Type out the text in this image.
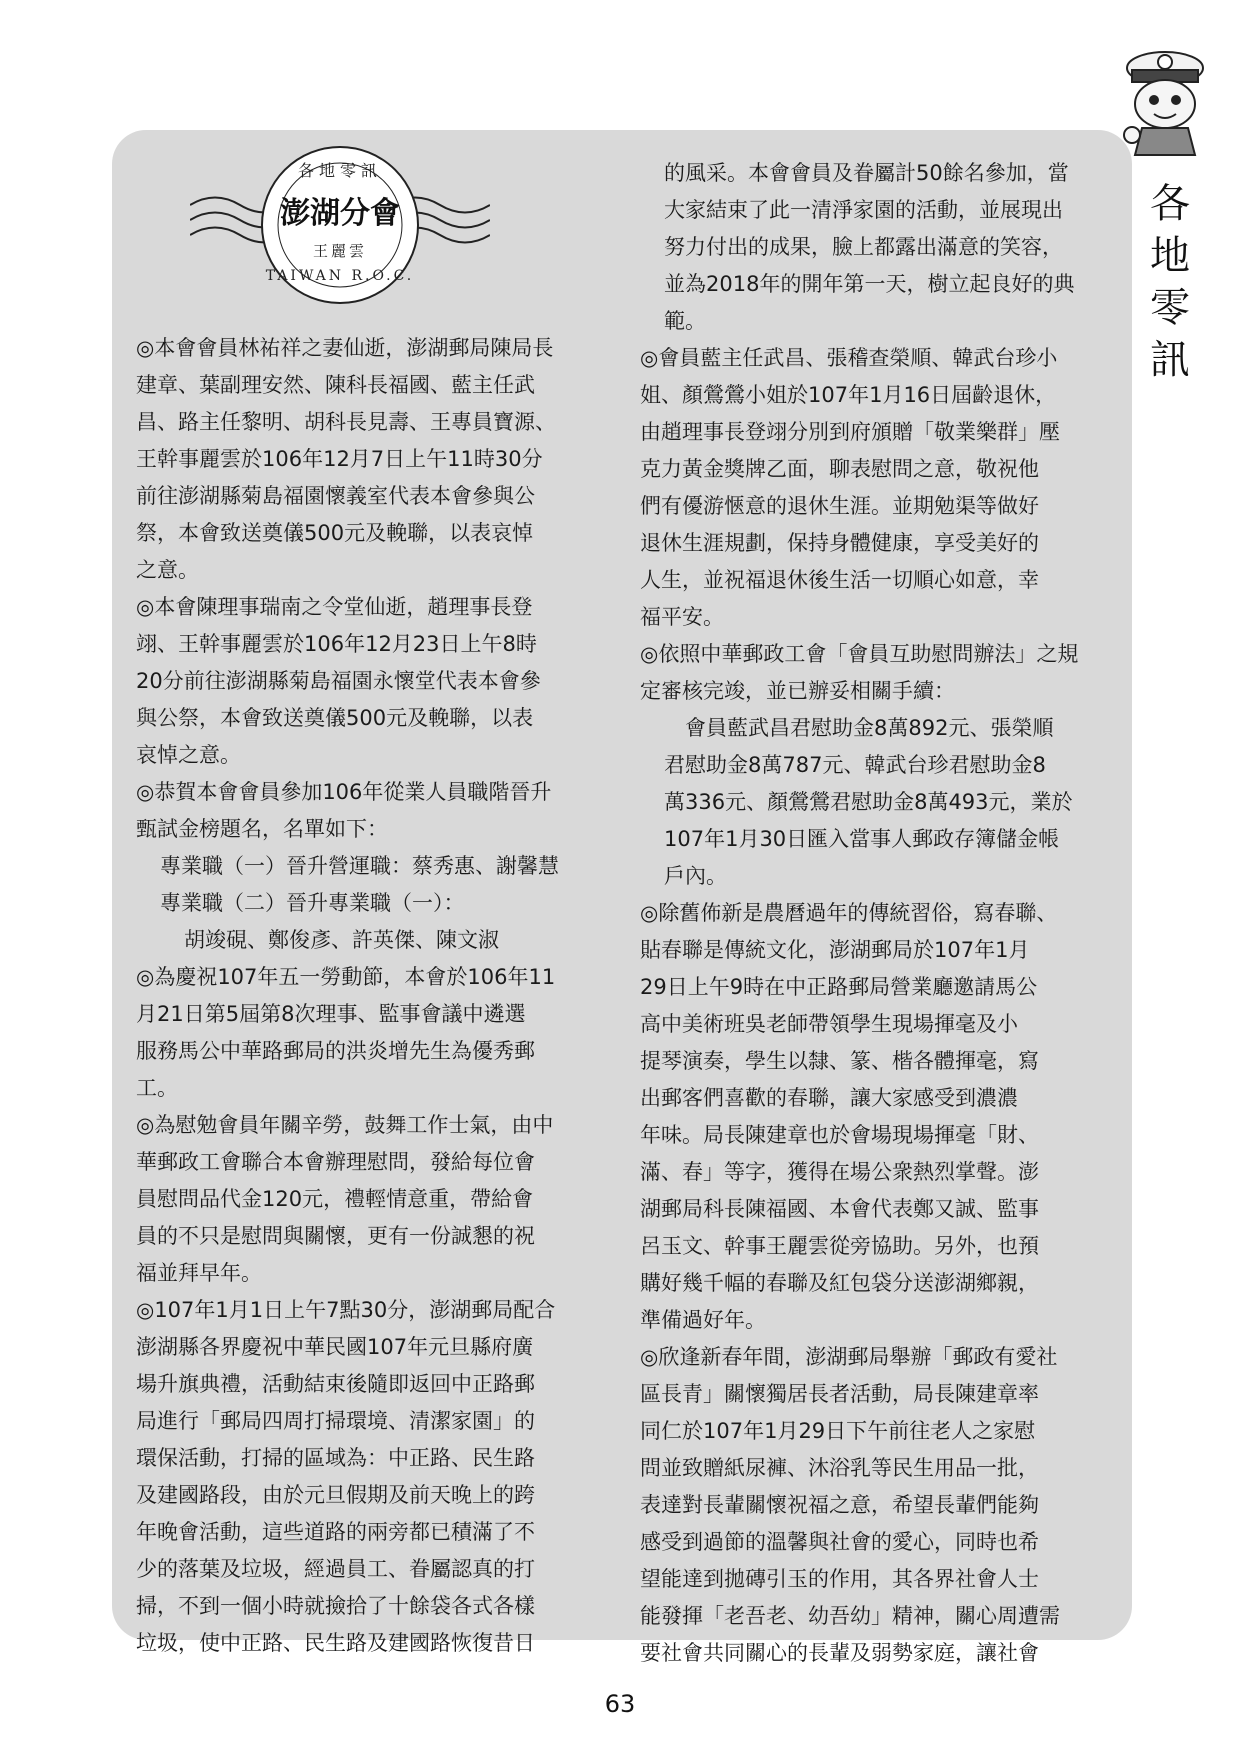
各
地
零
訊
各地零訊
澎湖分會
王麗雲
TAIWAN R.O.C.
◎本會會員林祐祥之妻仙逝，澎湖郵局陳局長
建章、葉副理安然、陳科長福國、藍主任武
昌、路主任黎明、胡科長見壽、王專員寶源、
王幹事麗雲於106年12月7日上午11時30分
前往澎湖縣菊島福園懷義室代表本會參與公
祭，本會致送奠儀500元及輓聯，以表哀悼
之意。
◎本會陳理事瑞南之令堂仙逝，趙理事長登
翊、王幹事麗雲於106年12月23日上午8時
20分前往澎湖縣菊島福園永懷堂代表本會參
與公祭，本會致送奠儀500元及輓聯，以表
哀悼之意。
◎恭賀本會會員參加106年從業人員職階晉升
甄試金榜題名，名單如下：
專業職（一）晉升營運職：蔡秀惠、謝馨慧
專業職（二）晉升專業職（一）：
胡竣硯、鄭俊彥、許英傑、陳文淑
◎為慶祝107年五一勞動節，本會於106年11
月21日第5屆第8次理事、監事會議中遴選
服務馬公中華路郵局的洪炎增先生為優秀郵
工。
◎為慰勉會員年關辛勞，鼓舞工作士氣，由中
華郵政工會聯合本會辦理慰問，發給每位會
員慰問品代金120元，禮輕情意重，帶給會
員的不只是慰問與關懷，更有一份誠懇的祝
福並拜早年。
◎107年1月1日上午7點30分，澎湖郵局配合
澎湖縣各界慶祝中華民國107年元旦縣府廣
場升旗典禮，活動結束後隨即返回中正路郵
局進行「郵局四周打掃環境、清潔家園」的
環保活動，打掃的區域為：中正路、民生路
及建國路段，由於元旦假期及前天晚上的跨
年晚會活動，這些道路的兩旁都已積滿了不
少的落葉及垃圾，經過員工、眷屬認真的打
掃，不到一個小時就撿拾了十餘袋各式各樣
垃圾，使中正路、民生路及建國路恢復昔日
的風采。本會會員及眷屬計50餘名參加，當
大家結束了此一清淨家園的活動，並展現出
努力付出的成果，臉上都露出滿意的笑容，
並為2018年的開年第一天，樹立起良好的典
範。
◎會員藍主任武昌、張稽查榮順、韓武台珍小
姐、顏鶯鶯小姐於107年1月16日屆齡退休，
由趙理事長登翊分別到府頒贈「敬業樂群」壓
克力黃金獎牌乙面，聊表慰問之意，敬祝他
們有優游愜意的退休生涯。並期勉渠等做好
退休生涯規劃，保持身體健康，享受美好的
人生，並祝福退休後生活一切順心如意，幸
福平安。
◎依照中華郵政工會「會員互助慰問辦法」之規
定審核完竣，並已辦妥相關手續：
　會員藍武昌君慰助金8萬892元、張榮順
君慰助金8萬787元、韓武台珍君慰助金8
萬336元、顏鶯鶯君慰助金8萬493元，業於
107年1月30日匯入當事人郵政存簿儲金帳
戶內。
◎除舊佈新是農曆過年的傳統習俗，寫春聯、
貼春聯是傳統文化，澎湖郵局於107年1月
29日上午9時在中正路郵局營業廳邀請馬公
高中美術班吳老師帶領學生現場揮毫及小
提琴演奏，學生以隸、篆、楷各體揮毫，寫
出郵客們喜歡的春聯，讓大家感受到濃濃
年味。局長陳建章也於會場現場揮毫「財、
滿、春」等字，獲得在場公衆熱烈掌聲。澎
湖郵局科長陳福國、本會代表鄭又誠、監事
呂玉文、幹事王麗雲從旁協助。另外，也預
購好幾千幅的春聯及紅包袋分送澎湖鄉親，
準備過好年。
◎欣逢新春年間，澎湖郵局舉辦「郵政有愛社
區長青」關懷獨居長者活動，局長陳建章率
同仁於107年1月29日下午前往老人之家慰
問並致贈紙尿褲、沐浴乳等民生用品一批，
表達對長輩關懷祝福之意，希望長輩們能夠
感受到過節的溫馨與社會的愛心，同時也希
望能達到拋磚引玉的作用，其各界社會人士
能發揮「老吾老、幼吾幼」精神，關心周遭需
要社會共同關心的長輩及弱勢家庭，讓社會
63
